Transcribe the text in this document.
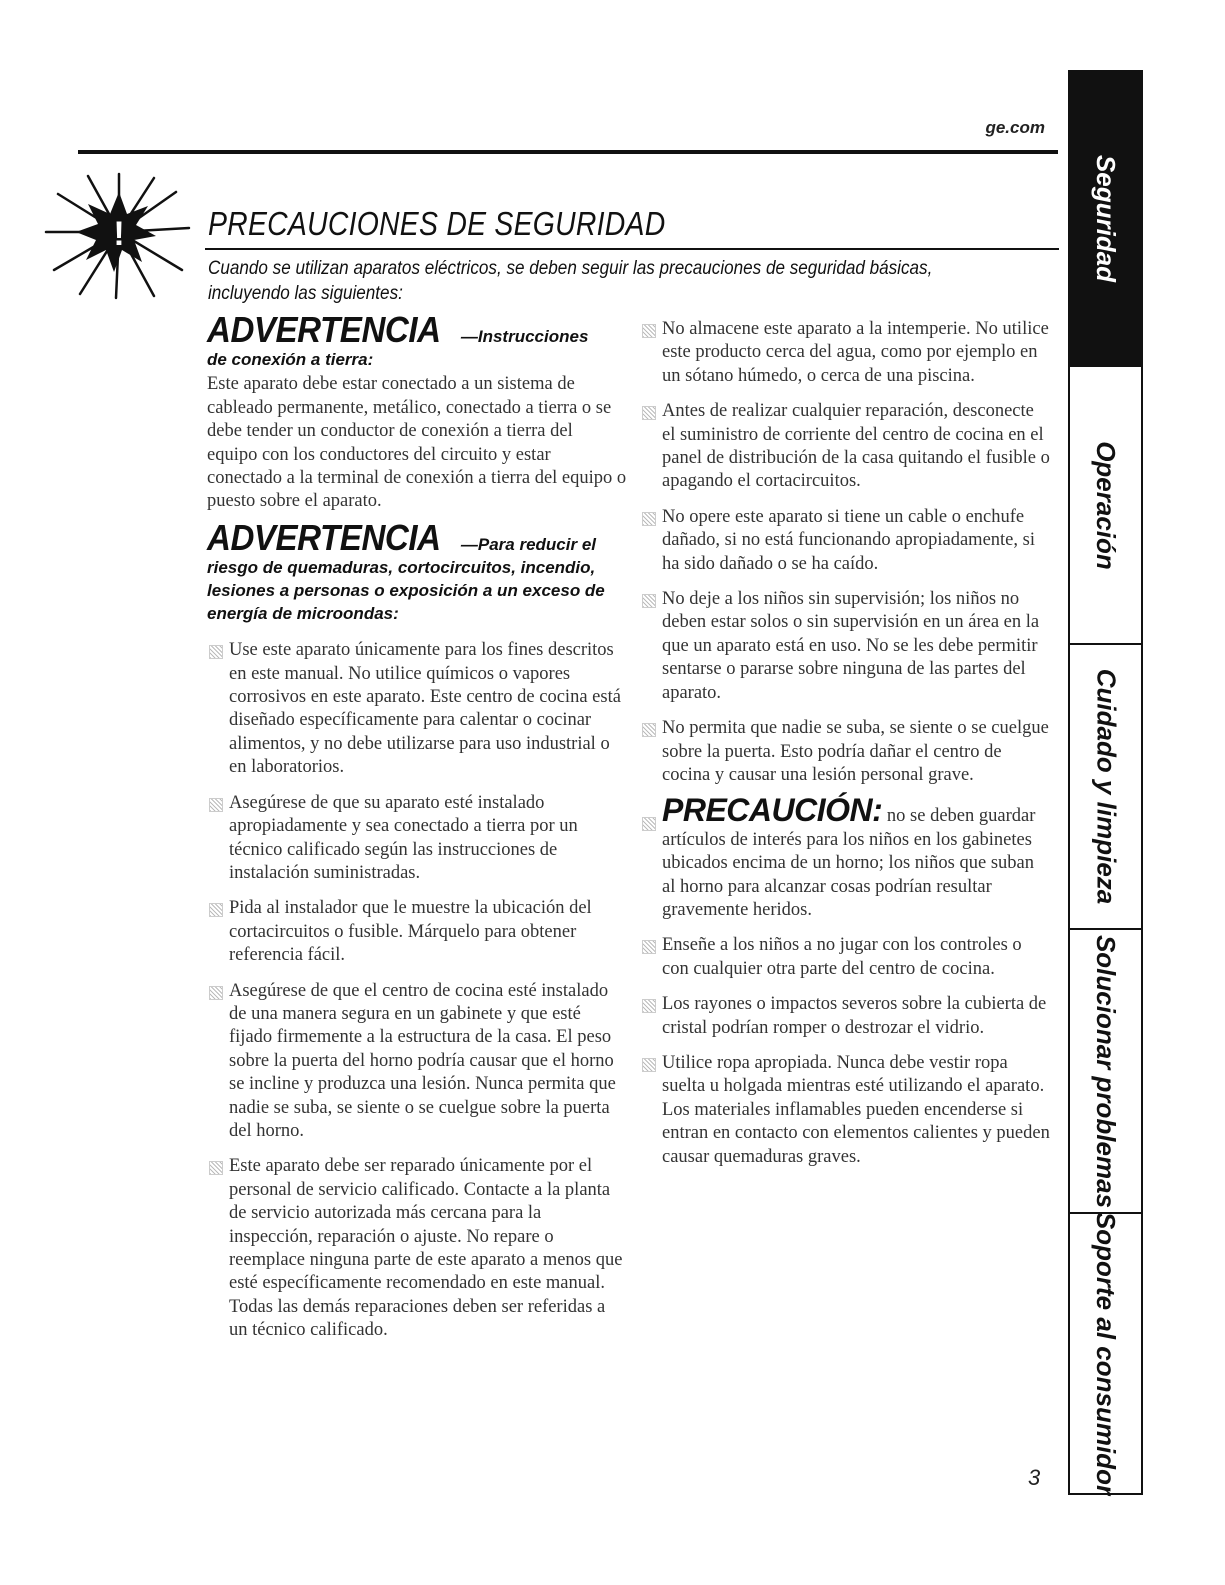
ge.com
!	PRECAUCIONES DE SEGURIDAD
Cuando se utilizan aparatos eléctricos, se deben seguir las precauciones de seguridad básicas, incluyendo las siguientes:

ADVERTENCIA —Instrucciones

de conexión a tierra:

Este aparato debe estar conectado a un sistema de cableado permanente, metálico, conectado a tierra o se debe tender un conductor de conexión a tierra del equipo con los conductores del circuito y estar conectado a la terminal de conexión a tierra del equipo o puesto sobre el aparato.

ADVERTENCIA —Para reducir el

riesgo de quemaduras, cortocircuitos, incendio, lesiones a personas o exposición a un exceso de energía de microondas:

Use este aparato únicamente para los fines descritos en este manual. No utilice químicos o vapores corrosivos en este aparato. Este centro de cocina está diseñado específicamente para calentar o cocinar alimentos, y no debe utilizarse para uso industrial o en laboratorios.
Asegúrese de que su aparato esté instalado apropiadamente y sea conectado a tierra por un técnico calificado según las instrucciones de instalación suministradas.
Pida al instalador que le muestre la ubicación del cortacircuitos o fusible. Márquelo para obtener referencia fácil.
Asegúrese de que el centro de cocina esté instalado de una manera segura en un gabinete y que esté fijado firmemente a la estructura de la casa. El peso sobre la puerta del horno podría causar que el horno se incline y produzca una lesión. Nunca permita que nadie se suba, se siente o se cuelgue sobre la puerta del horno.
Este aparato debe ser reparado únicamente por el personal de servicio calificado. Contacte a la planta de servicio autorizada más cercana para la inspección, reparación o ajuste. No repare o reemplace ninguna parte de este aparato a menos que esté específicamente recomendado en este manual. Todas las demás reparaciones deben ser referidas a un técnico calificado.
No almacene este aparato a la intemperie. No utilice este producto cerca del agua, como por ejemplo en un sótano húmedo, o cerca de una piscina.
Antes de realizar cualquier reparación, desconecte el suministro de corriente del centro de cocina en el panel de distribución de la casa quitando el fusible o apagando el cortacircuitos.
No opere este aparato si tiene un cable o enchufe dañado, si no está funcionando apropiadamente, si ha sido dañado o se ha caído.
No deje a los niños sin supervisión; los niños no deben estar solos o sin supervisión en un área en la que un aparato está en uso. No se les debe permitir sentarse o pararse sobre ninguna de las partes del aparato.
No permita que nadie se suba, se siente o se cuelgue sobre la puerta. Esto podría dañar el centro de cocina y causar una lesión personal grave.
PRECAUCIÓN: no se deben guardar artículos de interés para los niños en los gabinetes ubicados encima de un horno; los niños que suban al horno para alcanzar cosas podrían resultar gravemente heridos.
Enseñe a los niños a no jugar con los controles o con cualquier otra parte del centro de cocina.
Los rayones o impactos severos sobre la cubierta de cristal podrían romper o destrozar el vidrio.
Utilice ropa apropiada. Nunca debe vestir ropa suelta u holgada mientras esté utilizando el aparato. Los materiales inflamables pueden encenderse si entran en contacto con elementos calientes y pueden causar quemaduras graves.
3
Seguridad
Operación
Cuidado y limpieza
Solucionar problemas
Soporte al consumidor
